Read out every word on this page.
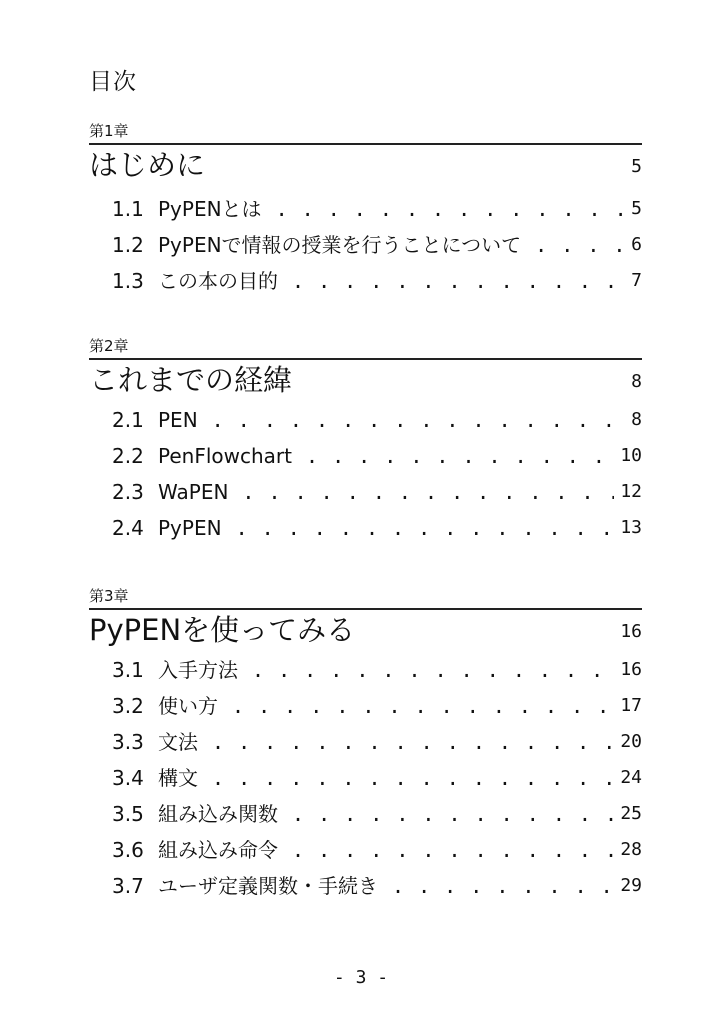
目次
第1章
はじめに	5
1.1 PyPENとは . . .	5
1.2 PyPENで情報の授業を行うことについて . . .	6
1.3 この本の目的 . . .	7
第2章
これまでの経緯	8
2.1 PEN . . .	8
2.2 PenFlowchart . . .	10
2.3 WaPEN . . .	12
2.4 PyPEN . . .	13
第3章
PyPENを使ってみる	16
3.1 入手方法 . . .	16
3.2 使い方 . . .	17
3.3 文法 . . .	20
3.4 構文 . . .	24
3.5 組み込み関数 . . .	25
3.6 組み込み命令 . . .	28
3.7 ユーザ定義関数・手続き . . .	29
- 3 -
